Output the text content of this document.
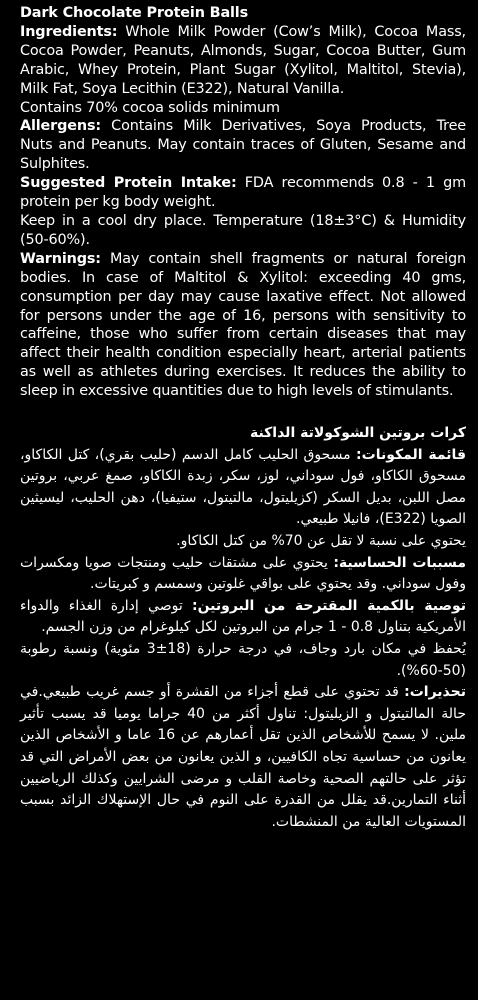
Dark Chocolate Protein Balls

Ingredients: Whole Milk Powder (Cow’s Milk), Cocoa Mass, Cocoa Powder, Peanuts, Almonds, Sugar, Cocoa Butter, Gum Arabic, Whey Protein, Plant Sugar (Xylitol, Maltitol, Stevia), Milk Fat, Soya Lecithin (E322), Natural Vanilla.

Contains 70% cocoa solids minimum

Allergens: Contains Milk Derivatives, Soya Products, Tree Nuts and Peanuts. May contain traces of Gluten, Sesame and Sulphites.

Suggested Protein Intake: FDA recommends 0.8 - 1 gm protein per kg body weight.

Keep in a cool dry place. Temperature (18±3°C) & Humidity (50-60%).

Warnings: May contain shell fragments or natural foreign bodies. In case of Maltitol & Xylitol: exceeding 40 gms, consumption per day may cause laxative effect. Not allowed for persons under the age of 16, persons with sensitivity to caffeine, those who suffer from certain diseases that may affect their health condition especially heart, arterial patients as well as athletes during exercises. It reduces the ability to sleep in excessive quantities due to high levels of stimulants.

كرات بروتين الشوكولاتة الداكنة

قائمة المكونات: مسحوق الحليب كامل الدسم (حليب بقري)، كتل الكاكاو، مسحوق الكاكاو، فول سوداني، لوز، سكر، زبدة الكاكاو، صمغ عربي، بروتين مصل اللبن، بديل السكر (كزيليتول، مالتيتول، ستيفيا)، دهن الحليب، ليسيثين الصويا (E322)، فانيلا طبيعي.

يحتوي على نسبة لا تقل عن 70% من كتل الكاكاو.

مسببات الحساسية: يحتوي على مشتقات حليب ومنتجات صويا ومكسرات وفول سوداني. وقد يحتوي على بواقي غلوتين وسمسم و كبريتات.

توصية بالكمية المقترحة من البروتين: توصي إدارة الغذاء والدواء الأمريكية بتناول 0.8 - 1 جرام من البروتين لكل كيلوغرام من وزن الجسم.

يُحفظ في مكان بارد وجاف، في درجة حرارة (18±3 مئوية) ونسبة رطوبة (50-60%).

تحذيرات: قد تحتوي على قطع أجزاء من القشرة أو جسم غريب طبيعي.في حالة المالتيتول و الزيليتول: تناول أكثر من 40 جراما يوميا قد يسبب تأثير ملين. لا يسمح للأشخاص الذين تقل أعمارهم عن 16 عاما و الأشخاص الذين يعانون من حساسية تجاه الكافيين، و الذين يعانون من بعض الأمراض التي قد تؤثر على حالتهم الصحية وخاصة القلب و مرضى الشرايين وكذلك الرياضيين أثناء التمارين.قد يقلل من القدرة على النوم في حال الإستهلاك الزائد بسبب المستويات العالية من المنشطات.
